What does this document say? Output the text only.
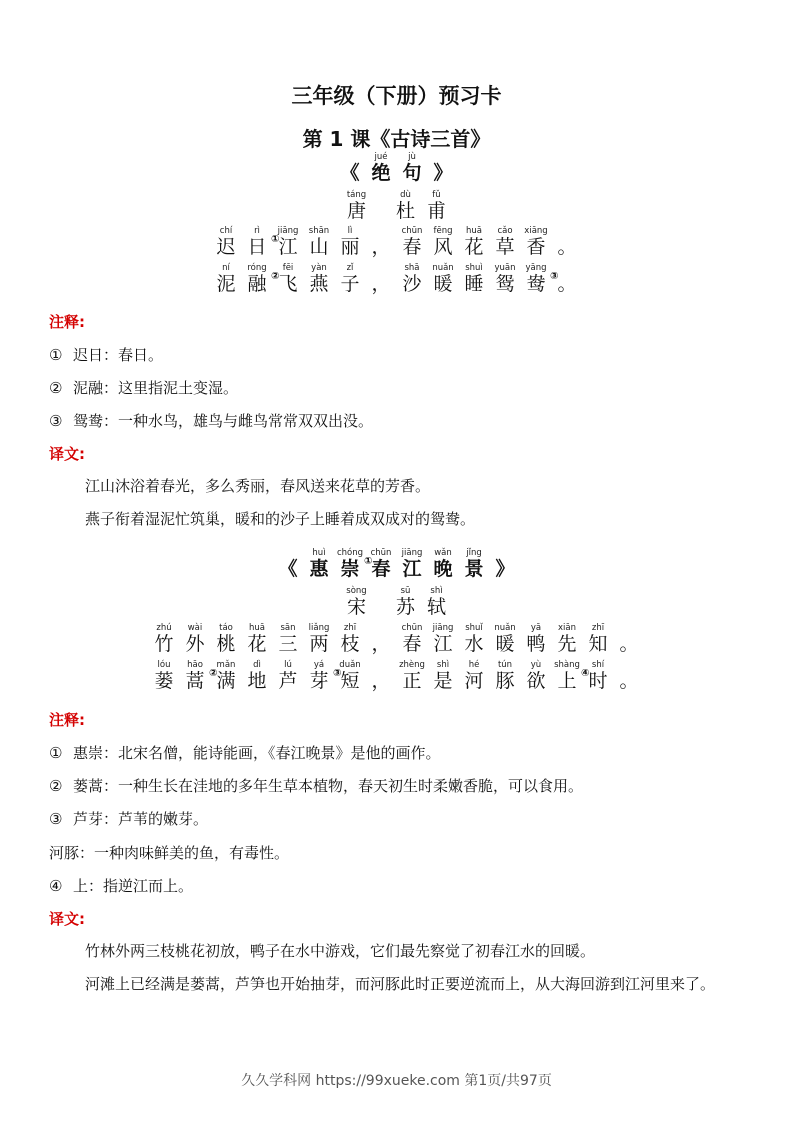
三年级（下册）预习卡
第 1 课《古诗三首》
《
jué
绝
jù
句 》
táng
唐
dù
杜
fǔ
甫
chí
迟
rì
日 ①
jiāng
江
shān
山
lì
丽 ，
chūn
春
fēng
风
huā
花
cǎo
草
xiāng
香 。
ní
泥
róng
融 ②
fēi
飞
yàn
燕
zǐ
子 ，
shā
沙
nuǎn
暖
shuì
睡
yuān
鸳
yāng
鸯 ③
。
注释:
① 迟日：春日。
② 泥融：这里指泥土变湿。
③ 鸳鸯：一种水鸟，雄鸟与雌鸟常常双双出没。
译文:
江山沐浴着春光，多么秀丽，春风送来花草的芳香。
燕子衔着湿泥忙筑巢，暖和的沙子上睡着成双成对的鸳鸯。
《
huì
惠
chóng
崇 ①
chūn
春
jiāng
江
wǎn
晚
jǐng
景 》
sòng
宋
sū
苏
shì
轼
zhú
竹
wài
外
táo
桃
huā
花
sān
三
liǎng
两
zhī
枝 ，
chūn
春
jiāng
江
shuǐ
水
nuǎn
暖
yā
鸭
xiān
先
zhī
知 。
lóu
蒌
hāo
蒿 ②
mǎn
满
dì
地
lú
芦
yá
芽 ③
duǎn
短 ，
zhèng
正
shì
是
hé
河
tún
豚
yù
欲
shàng
上 ④
shí
时 。
注释:
① 惠崇：北宋名僧，能诗能画，《春江晚景》是他的画作。
② 蒌蒿：一种生长在洼地的多年生草本植物，春天初生时柔嫩香脆，可以食用。
③ 芦芽：芦苇的嫩芽。
河豚：一种肉味鲜美的鱼，有毒性。
④ 上：指逆江而上。
译文:
竹林外两三枝桃花初放，鸭子在水中游戏，它们最先察觉了初春江水的回暖。
河滩上已经满是蒌蒿，芦笋也开始抽芽，而河豚此时正要逆流而上，从大海回游到江河里来了。
久久学科网 https://99xueke.com 第1页/共97页
